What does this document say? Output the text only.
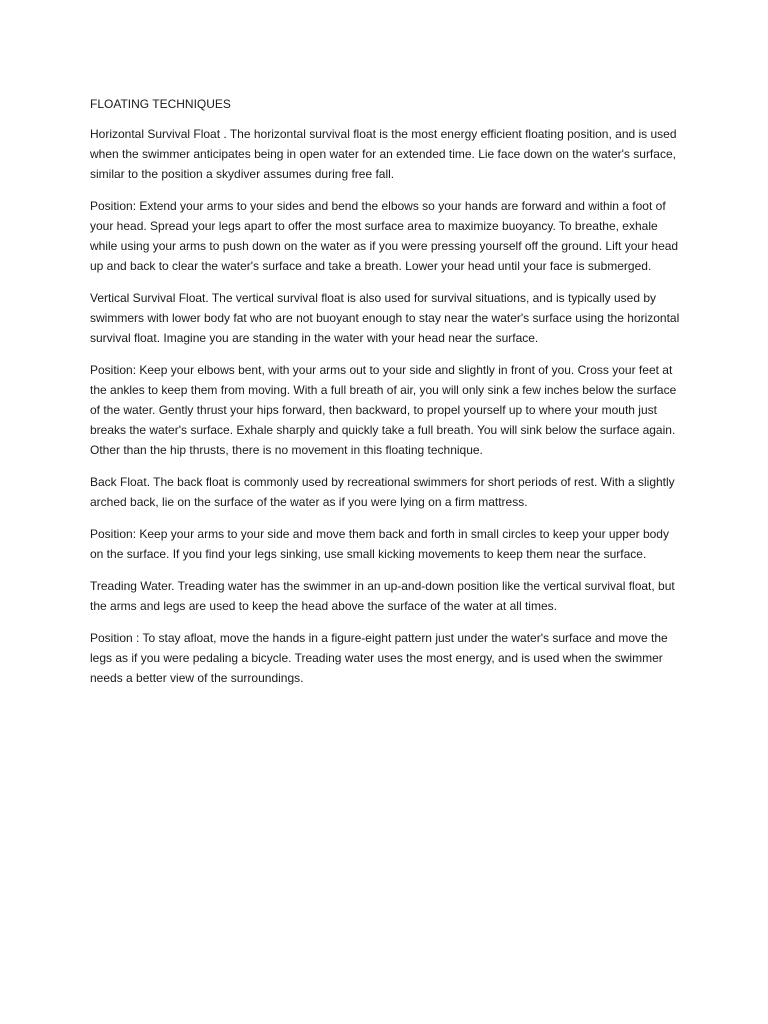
FLOATING TECHNIQUES

Horizontal Survival Float . The horizontal survival float is the most energy efficient floating position, and is used when the swimmer anticipates being in open water for an extended time. Lie face down on the water's surface, similar to the position a skydiver assumes during free fall.

Position: Extend your arms to your sides and bend the elbows so your hands are forward and within a foot of your head. Spread your legs apart to offer the most surface area to maximize buoyancy. To breathe, exhale while using your arms to push down on the water as if you were pressing yourself off the ground. Lift your head up and back to clear the water's surface and take a breath. Lower your head until your face is submerged.

Vertical Survival Float. The vertical survival float is also used for survival situations, and is typically used by swimmers with lower body fat who are not buoyant enough to stay near the water's surface using the horizontal survival float. Imagine you are standing in the water with your head near the surface.

Position: Keep your elbows bent, with your arms out to your side and slightly in front of you. Cross your feet at the ankles to keep them from moving. With a full breath of air, you will only sink a few inches below the surface of the water. Gently thrust your hips forward, then backward, to propel yourself up to where your mouth just breaks the water's surface. Exhale sharply and quickly take a full breath. You will sink below the surface again. Other than the hip thrusts, there is no movement in this floating technique.

Back Float. The back float is commonly used by recreational swimmers for short periods of rest. With a slightly arched back, lie on the surface of the water as if you were lying on a firm mattress.

Position: Keep your arms to your side and move them back and forth in small circles to keep your upper body on the surface. If you find your legs sinking, use small kicking movements to keep them near the surface.

Treading Water. Treading water has the swimmer in an up-and-down position like the vertical survival float, but the arms and legs are used to keep the head above the surface of the water at all times.

Position : To stay afloat, move the hands in a figure-eight pattern just under the water's surface and move the legs as if you were pedaling a bicycle. Treading water uses the most energy, and is used when the swimmer needs a better view of the surroundings.
